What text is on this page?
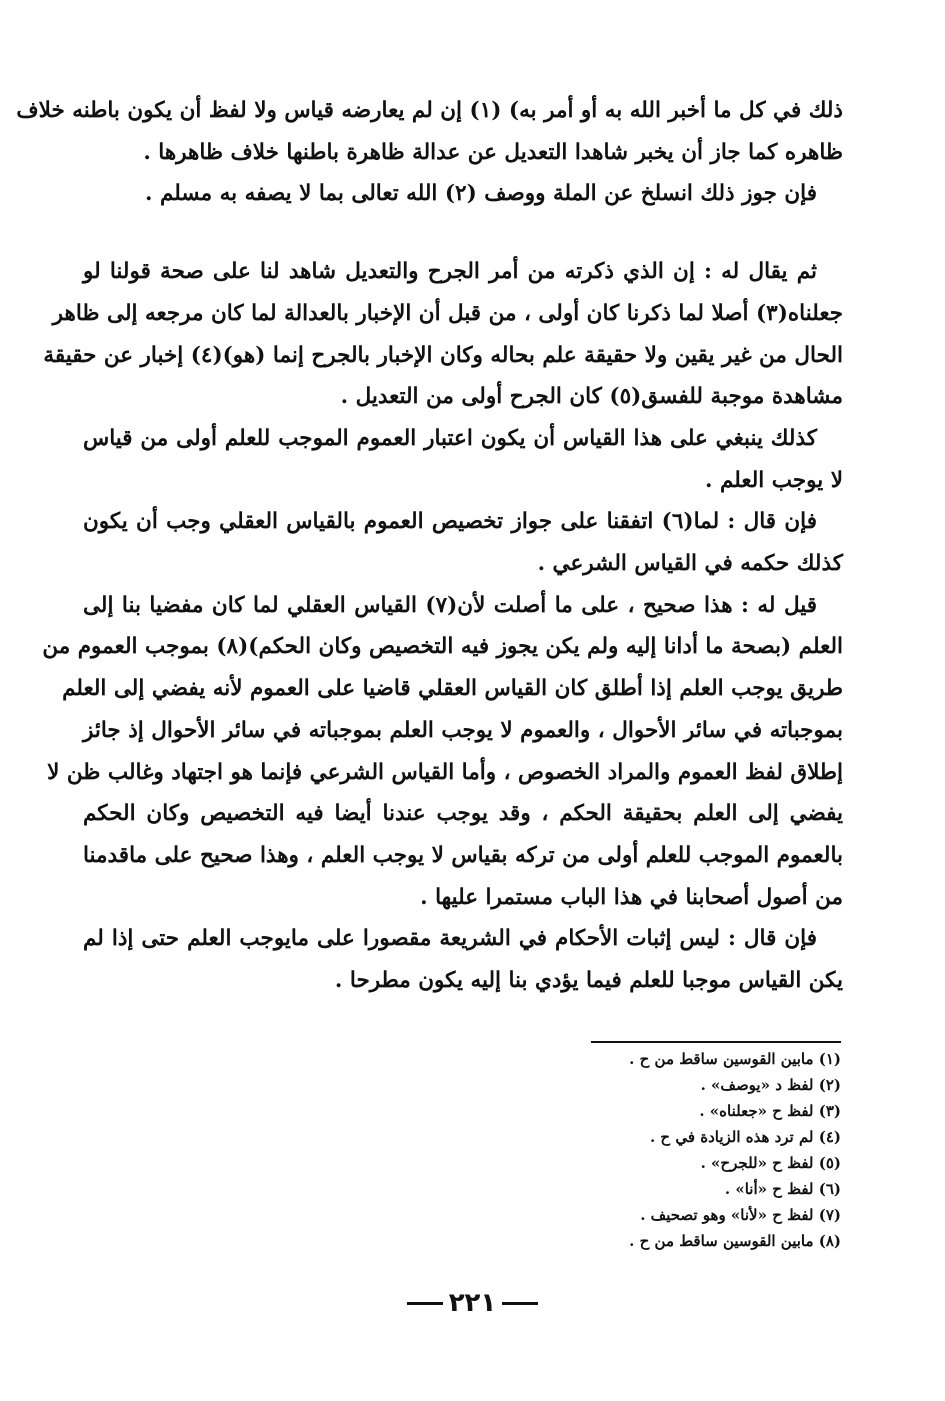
ذلك في كل ما أخبر الله به أو أمر به) (١) إن لم يعارضه قياس ولا لفظ أن يكون باطنه خلاف
ظاهره كما جاز أن يخبر شاهدا التعديل عن عدالة ظاهرة باطنها خلاف ظاهرها .
فإن جوز ذلك انسلخ عن الملة ووصف (٢) الله تعالى بما لا يصفه به مسلم .
ثم يقال له : إن الذي ذكرته من أمر الجرح والتعديل شاهد لنا على صحة قولنا لو
جعلناه(٣) أصلا لما ذكرنا كان أولى ، من قبل أن الإخبار بالعدالة لما كان مرجعه إلى ظاهر
الحال من غير يقين ولا حقيقة علم بحاله وكان الإخبار بالجرح إنما (هو)(٤) إخبار عن حقيقة
مشاهدة موجبة للفسق(٥) كان الجرح أولى من التعديل .
كذلك ينبغي على هذا القياس أن يكون اعتبار العموم الموجب للعلم أولى من قياس
لا يوجب العلم .
فإن قال : لما(٦) اتفقنا على جواز تخصيص العموم بالقياس العقلي وجب أن يكون
كذلك حكمه في القياس الشرعي .
قيل له : هذا صحيح ، على ما أصلت لأن(٧) القياس العقلي لما كان مفضيا بنا إلى
العلم (بصحة ما أدانا إليه ولم يكن يجوز فيه التخصيص وكان الحكم)(٨) بموجب العموم من
طريق يوجب العلم إذا أطلق كان القياس العقلي قاضيا على العموم لأنه يفضي إلى العلم
بموجباته في سائر الأحوال ، والعموم لا يوجب العلم بموجباته في سائر الأحوال إذ جائز
إطلاق لفظ العموم والمراد الخصوص ، وأما القياس الشرعي فإنما هو اجتهاد وغالب ظن لا
يفضي إلى العلم بحقيقة الحكم ، وقد يوجب عندنا أيضا فيه التخصيص وكان الحكم
بالعموم الموجب للعلم أولى من تركه بقياس لا يوجب العلم ، وهذا صحيح على ماقدمنا
من أصول أصحابنا في هذا الباب مستمرا عليها .
فإن قال : ليس إثبات الأحكام في الشريعة مقصورا على مايوجب العلم حتى إذا لم
يكن القياس موجبا للعلم فيما يؤدي بنا إليه يكون مطرحا .
(١) مابين القوسين ساقط من ح .
(٢) لفظ د «يوصف» .
(٣) لفظ ح «جعلناه» .
(٤) لم ترد هذه الزيادة في ح .
(٥) لفظ ح «للجرح» .
(٦) لفظ ح «أنا» .
(٧) لفظ ح «لأنا» وهو تصحيف .
(٨) مابين القوسين ساقط من ح .
٢٢١
